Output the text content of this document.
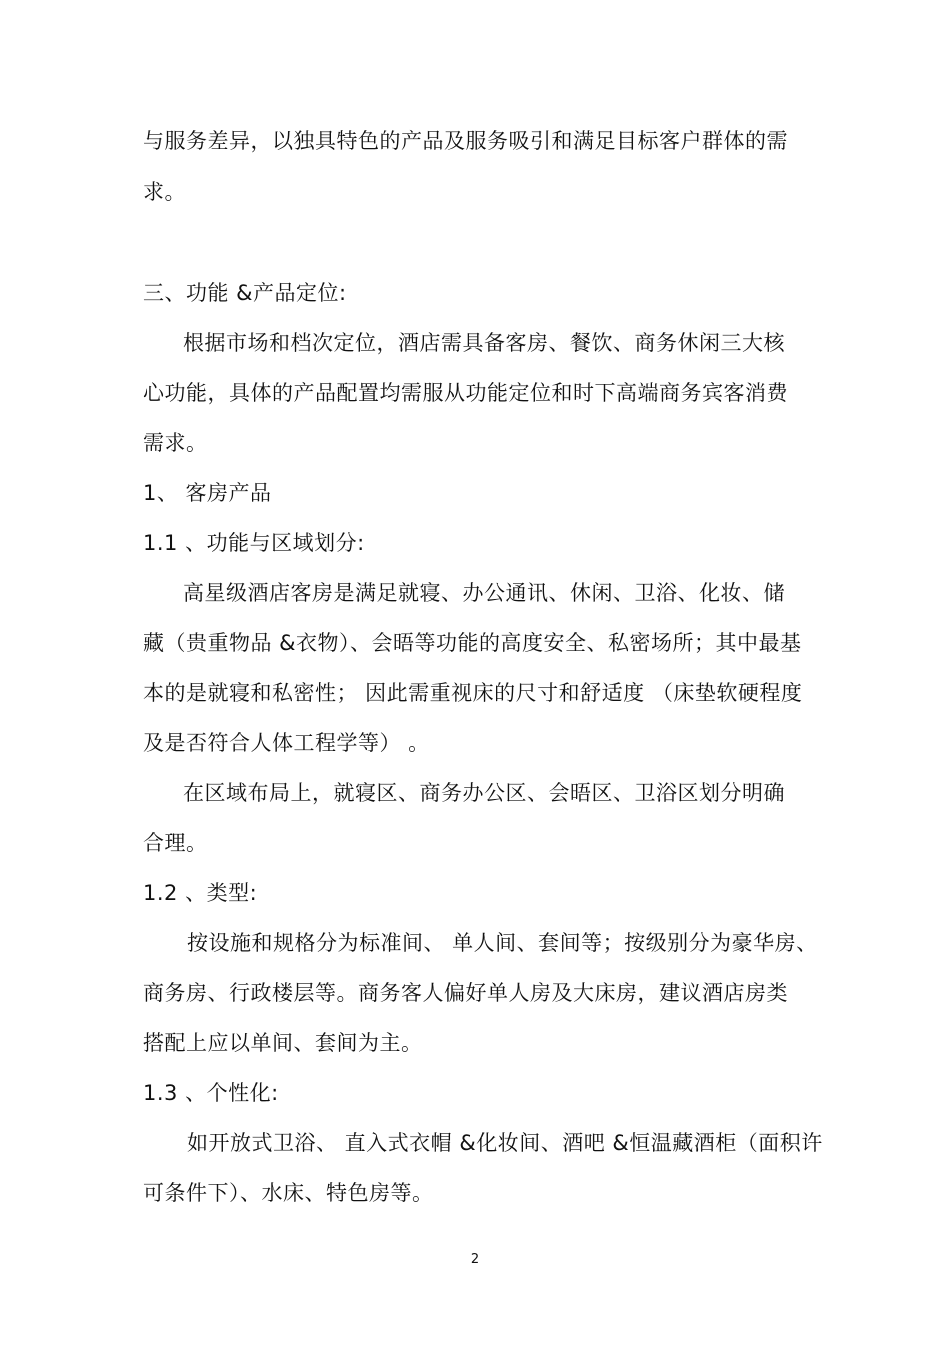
与服务差异，以独具特色的产品及服务吸引和满足目标客户群体的需
求。
三、功能 &产品定位:
根据市场和档次定位，酒店需具备客房、餐饮、商务休闲三大核
心功能，具体的产品配置均需服从功能定位和时下高端商务宾客消费
需求。
1、 客房产品
1.1 、功能与区域划分:
高星级酒店客房是满足就寝、办公通讯、休闲、卫浴、化妆、储
藏（贵重物品 &衣物）、会晤等功能的高度安全、私密场所；其中最基
本的是就寝和私密性； 因此需重视床的尺寸和舒适度 （床垫软硬程度
及是否符合人体工程学等） 。
在区域布局上，就寝区、商务办公区、会晤区、卫浴区划分明确
合理。
1.2 、类型:
按设施和规格分为标准间、 单人间、套间等；按级别分为豪华房、
商务房、行政楼层等。商务客人偏好单人房及大床房，建议酒店房类
搭配上应以单间、套间为主。
1.3 、个性化:
如开放式卫浴、 直入式衣帽 &化妆间、酒吧 &恒温藏酒柜（面积许
可条件下）、水床、特色房等。
2
